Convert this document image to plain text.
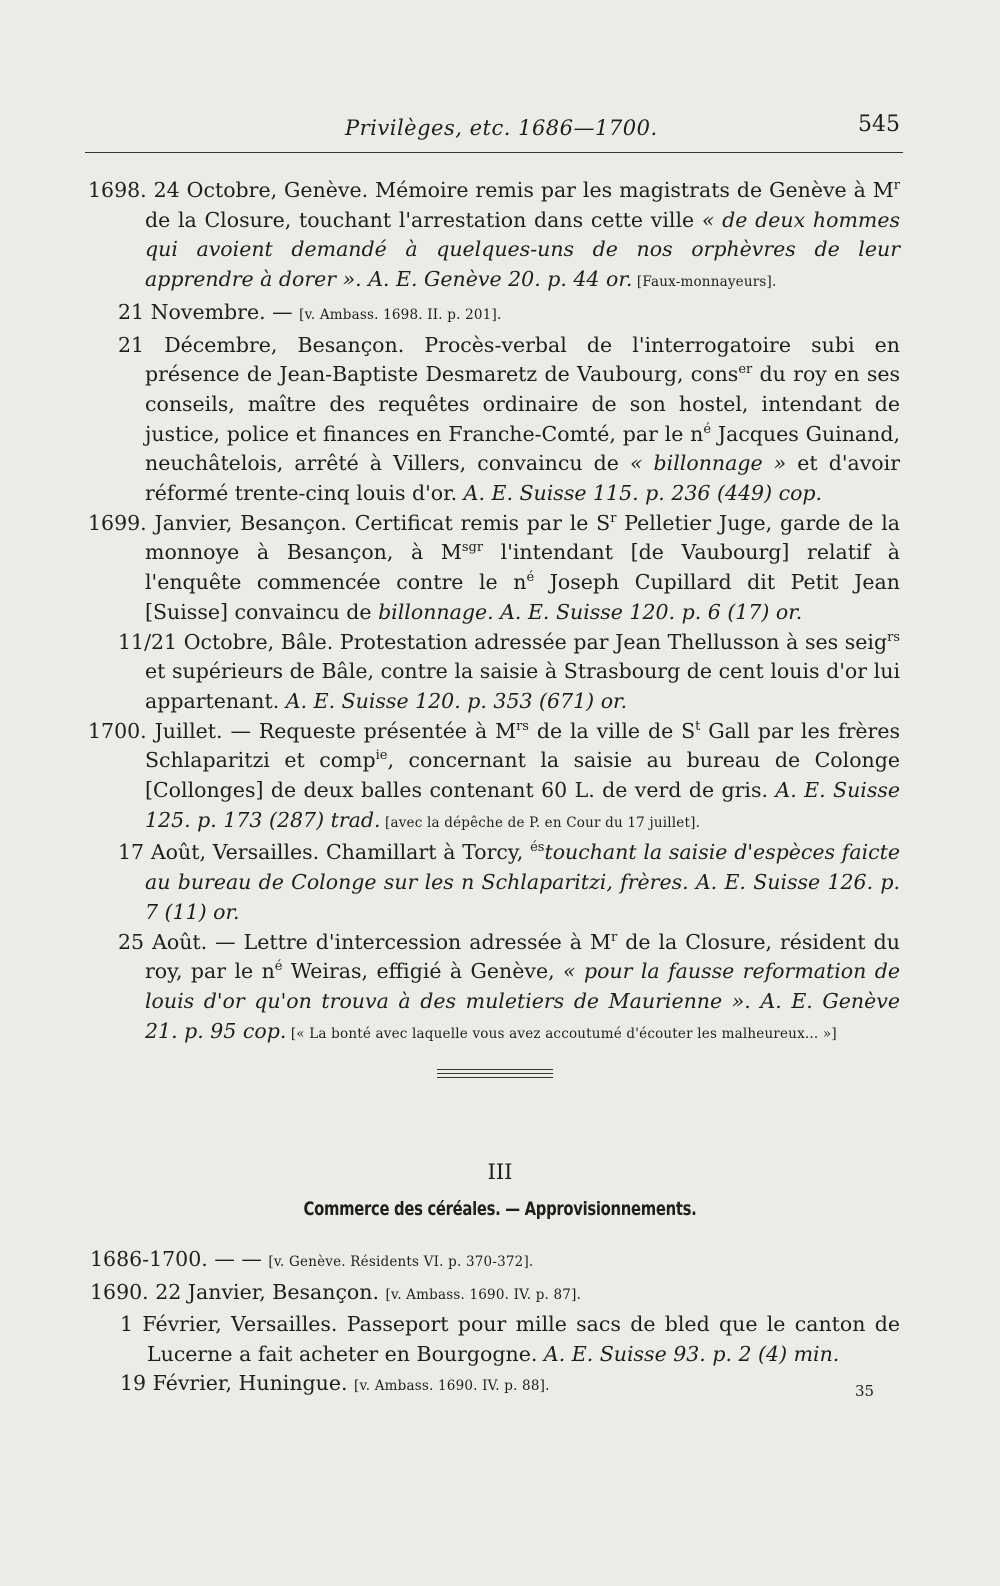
Privilèges, etc. 1686—1700.	545

1698. 24 Octobre, Genève. Mémoire remis par les magistrats de Genève à $M^r$ de la Closure, touchant l'arrestation dans cette ville « de deux hommes qui avoient demandé à quelques-uns de nos orphèvres de leur apprendre à dorer ». A. E. Genève 20. p. 44 or. [Faux-monnayeurs].

21 Novembre. — [v. Ambass. 1698. II. p. 201].

21 Décembre, Besançon. Procès-verbal de l'interrogatoire subi en présence de Jean-Baptiste Desmaretz de Vaubourg, cons$^{er}$ du roy en ses conseils, maître des requêtes ordinaire de son hostel, intendant de justice, police et finances en Franche-Comté, par le $n^é$ Jacques Guinand, neuchâtelois, arrêté à Villers, convaincu de « billonnage » et d'avoir réformé trente-cinq louis d'or. A. E. Suisse 115. p. 236 (449) cop.

1699. Janvier, Besançon. Certificat remis par le $S^r$ Pelletier Juge, garde de la monnoye à Besançon, à $M^{sgr}$ l'intendant [de Vaubourg] relatif à l'enquête commencée contre le $n^é$ Joseph Cupillard dit Petit Jean [Suisse] convaincu de billonnage. A. E. Suisse 120. p. 6 (17) or.

11/21 Octobre, Bâle. Protestation adressée par Jean Thellusson à ses seig$^{rs}$ et supérieurs de Bâle, contre la saisie à Strasbourg de cent louis d'or lui appartenant. A. E. Suisse 120. p. 353 (671) or.

1700. Juillet. — Requeste présentée à $M^{rs}$ de la ville de $S^t$ Gall par les frères Schlaparitzi et comp$^{ie}$, concernant la saisie au bureau de Colonge [Collonges] de deux balles contenant 60 L. de verd de gris. A. E. Suisse 125. p. 173 (287) trad. [avec la dépêche de P. en Cour du 17 juillet].

17 Août, Versailles. Chamillart à Torcy, $^{és}$touchant la saisie d'espèces faicte au bureau de Colonge sur les n Schlaparitzi, frères. A. E. Suisse 126. p. 7 (11) or.

25 Août. — Lettre d'intercession adressée à $M^r$ de la Closure, résident du roy, par le $n^é$ Weiras, effigié à Genève, « pour la fausse reformation de louis d'or qu'on trouva à des muletiers de Maurienne ». A. E. Genève 21. p. 95 cop. [« La bonté avec laquelle vous avez accoutumé d'écouter les malheureux... »]

III
Commerce des céréales. — Approvisionnements.

1686-1700. — — [v. Genève. Résidents VI. p. 370-372].

1690. 22 Janvier, Besançon. [v. Ambass. 1690. IV. p. 87].

1 Février, Versailles. Passeport pour mille sacs de bled que le canton de Lucerne a fait acheter en Bourgogne. A. E. Suisse 93. p. 2 (4) min.

19 Février, Huningue. [v. Ambass. 1690. IV. p. 88].	35
